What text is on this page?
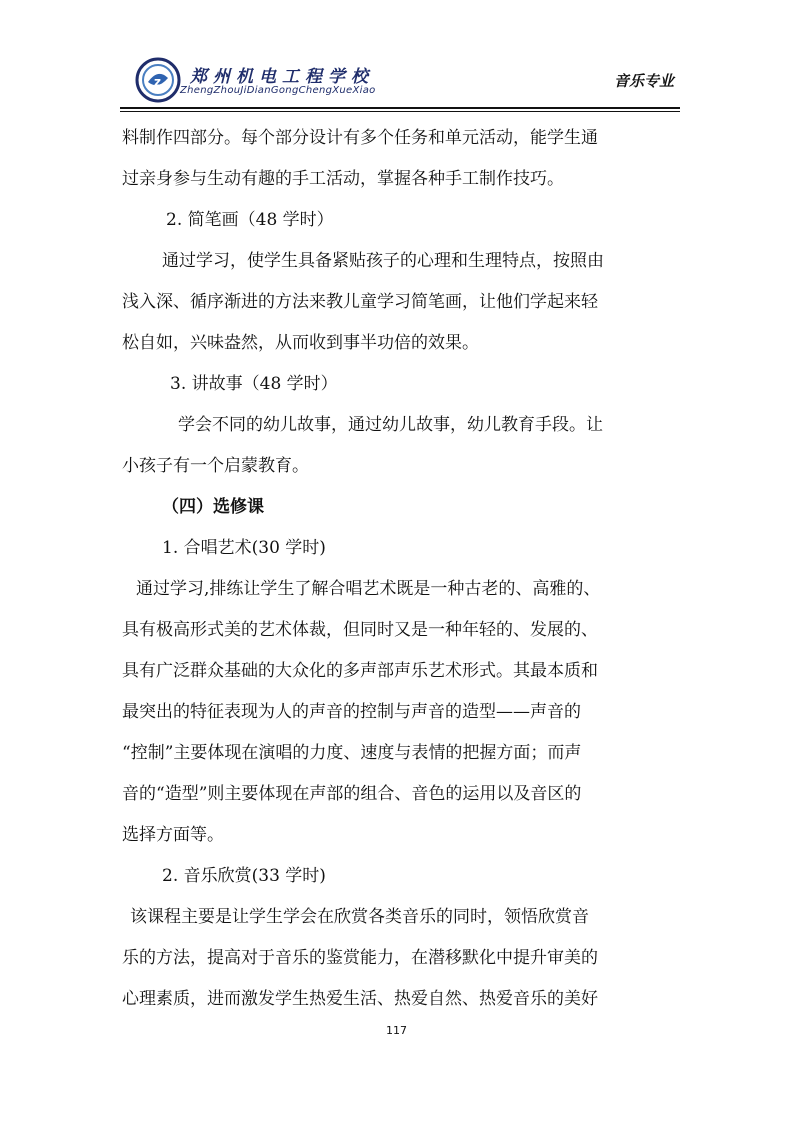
z 郑州机电工程学校
ZhengZhouJiDianGongChengXueXiao
音乐专业

料制作四部分。每个部分设计有多个任务和单元活动，能学生通

过亲身参与生动有趣的手工活动，掌握各种手工制作技巧。

2. 简笔画（48 学时）

通过学习，使学生具备紧贴孩子的心理和生理特点，按照由

浅入深、循序渐进的方法来教儿童学习简笔画，让他们学起来轻

松自如，兴味盎然，从而收到事半功倍的效果。

3. 讲故事（48 学时）

学会不同的幼儿故事，通过幼儿故事，幼儿教育手段。让

小孩子有一个启蒙教育。

（四）选修课

1. 合唱艺术(30 学时)

通过学习,排练让学生了解合唱艺术既是一种古老的、高雅的、

具有极高形式美的艺术体裁，但同时又是一种年轻的、发展的、

具有广泛群众基础的大众化的多声部声乐艺术形式。其最本质和

最突出的特征表现为人的声音的控制与声音的造型——声音的

“控制”主要体现在演唱的力度、速度与表情的把握方面；而声

音的“造型”则主要体现在声部的组合、音色的运用以及音区的

选择方面等。

2. 音乐欣赏(33 学时)

该课程主要是让学生学会在欣赏各类音乐的同时，领悟欣赏音

乐的方法，提高对于音乐的鉴赏能力，在潜移默化中提升审美的

心理素质，进而激发学生热爱生活、热爱自然、热爱音乐的美好

117
